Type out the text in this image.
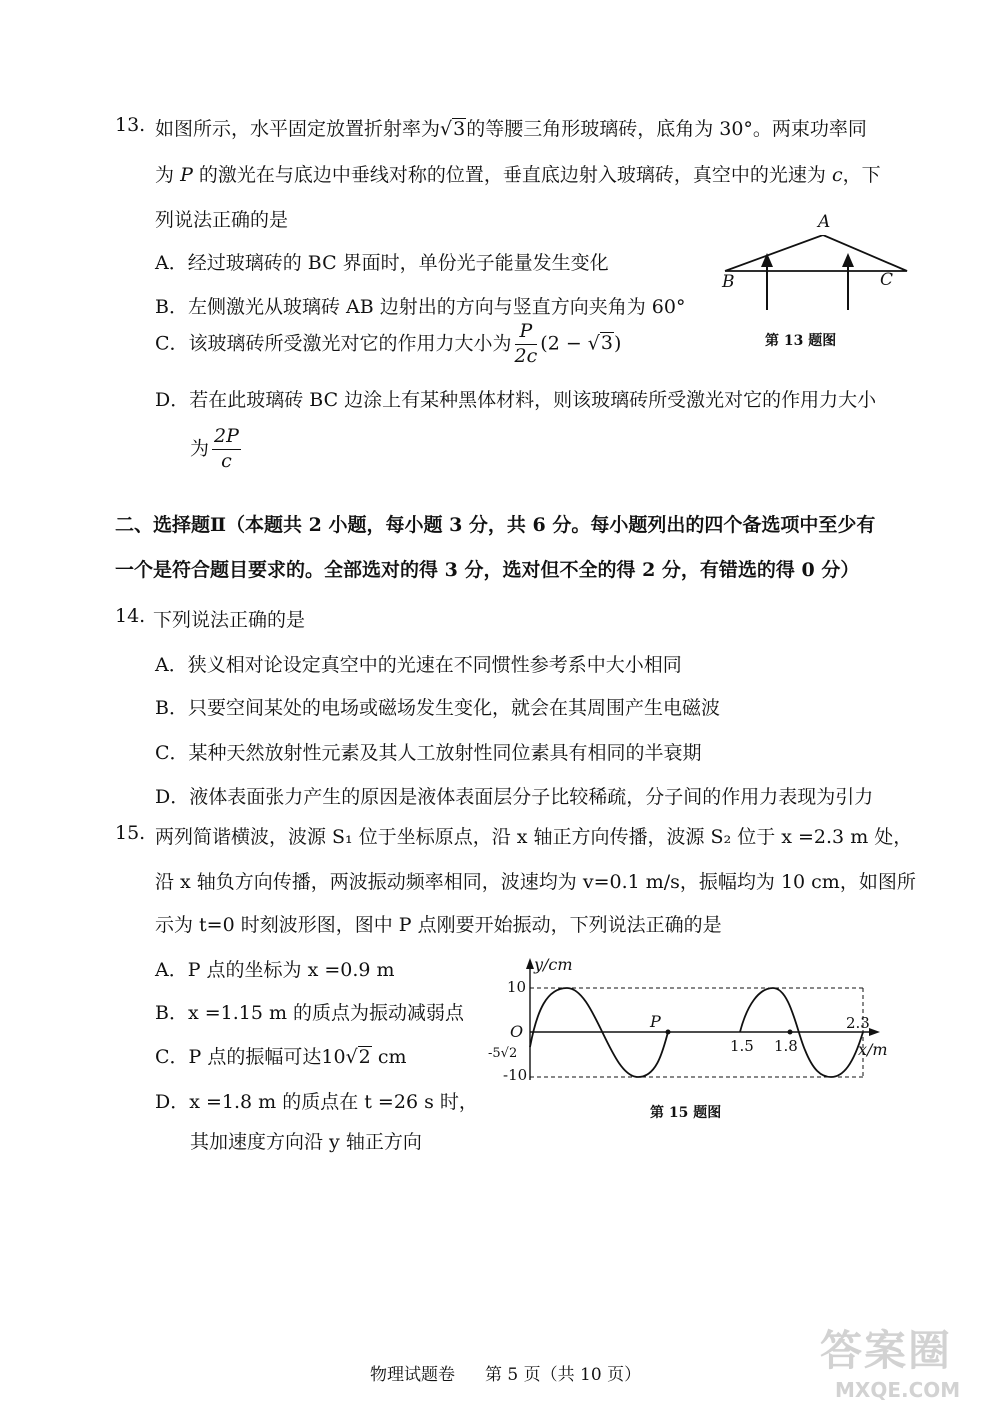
13. 如图所示，水平固定放置折射率为√3的等腰三角形玻璃砖，底角为 30°。两束功率同
为 P 的激光在与底边中垂线对称的位置，垂直底边射入玻璃砖，真空中的光速为 c，下
列说法正确的是
A．经过玻璃砖的 BC 界面时，单份光子能量发生变化
B．左侧激光从玻璃砖 AB 边射出的方向与竖直方向夹角为 60°
C．该玻璃砖所受激光对它的作用力大小为 $\frac{P}{2c} (2 - √3)$
D．若在此玻璃砖 BC 边涂上有某种黑体材料，则该玻璃砖所受激光对它的作用力大小
为 $\frac{2P}{c}$
A
B	C
第 13 题图
二、选择题Ⅱ（本题共 2 小题，每小题 3 分，共 6 分。每小题列出的四个备选项中至少有
一个是符合题目要求的。全部选对的得 3 分，选对但不全的得 2 分，有错选的得 0 分）
14. 下列说法正确的是
A．狭义相对论设定真空中的光速在不同惯性参考系中大小相同
B．只要空间某处的电场或磁场发生变化，就会在其周围产生电磁波
C．某种天然放射性元素及其人工放射性同位素具有相同的半衰期
D．液体表面张力产生的原因是液体表面层分子比较稀疏，分子间的作用力表现为引力
15. 两列简谐横波，波源 S₁ 位于坐标原点，沿 x 轴正方向传播，波源 S₂ 位于 x =2.3 m 处，
沿 x 轴负方向传播，两波振动频率相同，波速均为 v=0.1 m/s，振幅均为 10 cm，如图所
示为 t=0 时刻波形图，图中 P 点刚要开始振动，下列说法正确的是
A．P 点的坐标为 x =0.9 m
B．x =1.15 m 的质点为振动减弱点
C．P 点的振幅可达10√2 cm
D．x =1.8 m 的质点在 t =26 s 时，
其加速度方向沿 y 轴正方向
y/cm
10
O
-5√2
-10
P
1.5 1.8
2.3
x/m
第 15 题图
物理试题卷 第 5 页（共 10 页）	答案圈
MXQE.COM
